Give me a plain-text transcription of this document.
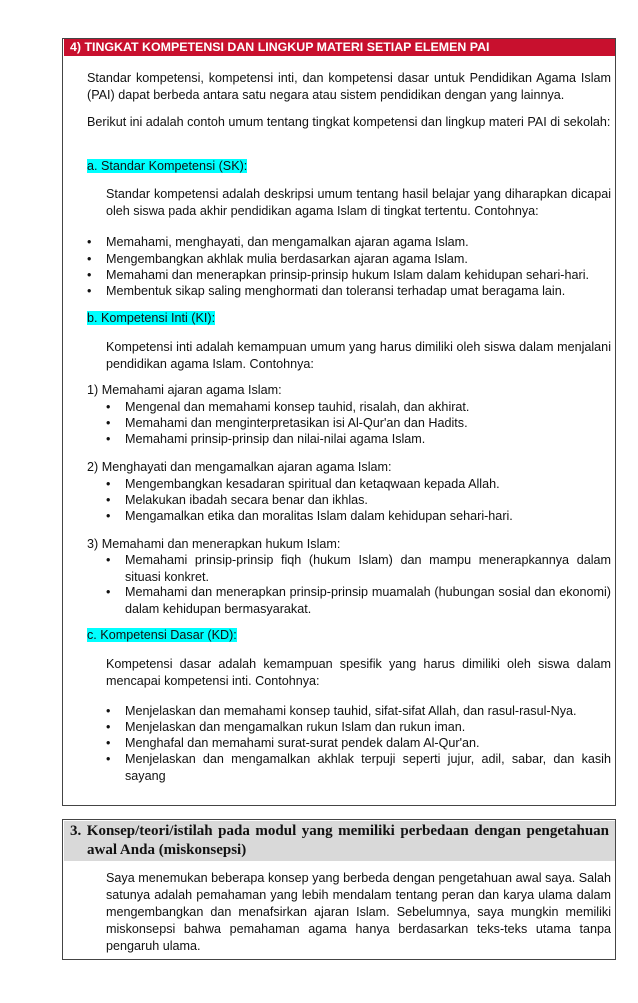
4) TINGKAT KOMPETENSI DAN LINGKUP MATERI SETIAP ELEMEN PAI
Standar kompetensi, kompetensi inti, dan kompetensi dasar untuk Pendidikan Agama Islam (PAI) dapat berbeda antara satu negara atau sistem pendidikan dengan yang lainnya.
Berikut ini adalah contoh umum tentang tingkat kompetensi dan lingkup materi PAI di sekolah:
a. Standar Kompetensi (SK):
Standar kompetensi adalah deskripsi umum tentang hasil belajar yang diharapkan dicapai oleh siswa pada akhir pendidikan agama Islam di tingkat tertentu. Contohnya:
• Memahami, menghayati, dan mengamalkan ajaran agama Islam.
• Mengembangkan akhlak mulia berdasarkan ajaran agama Islam.
• Memahami dan menerapkan prinsip-prinsip hukum Islam dalam kehidupan sehari-hari.
• Membentuk sikap saling menghormati dan toleransi terhadap umat beragama lain.
b. Kompetensi Inti (KI):
Kompetensi inti adalah kemampuan umum yang harus dimiliki oleh siswa dalam menjalani pendidikan agama Islam. Contohnya:
1) Memahami ajaran agama Islam:
• Mengenal dan memahami konsep tauhid, risalah, dan akhirat.
• Memahami dan menginterpretasikan isi Al-Qur'an dan Hadits.
• Memahami prinsip-prinsip dan nilai-nilai agama Islam.
2) Menghayati dan mengamalkan ajaran agama Islam:
• Mengembangkan kesadaran spiritual dan ketaqwaan kepada Allah.
• Melakukan ibadah secara benar dan ikhlas.
• Mengamalkan etika dan moralitas Islam dalam kehidupan sehari-hari.
3) Memahami dan menerapkan hukum Islam:
• Memahami prinsip-prinsip fiqh (hukum Islam) dan mampu menerapkannya dalam situasi konkret.
• Memahami dan menerapkan prinsip-prinsip muamalah (hubungan sosial dan ekonomi) dalam kehidupan bermasyarakat.
c. Kompetensi Dasar (KD):
Kompetensi dasar adalah kemampuan spesifik yang harus dimiliki oleh siswa dalam mencapai kompetensi inti. Contohnya:
• Menjelaskan dan memahami konsep tauhid, sifat-sifat Allah, dan rasul-rasul-Nya.
• Menjelaskan dan mengamalkan rukun Islam dan rukun iman.
• Menghafal dan memahami surat-surat pendek dalam Al-Qur'an.
• Menjelaskan dan mengamalkan akhlak terpuji seperti jujur, adil, sabar, dan kasih sayang
3. Konsep/teori/istilah pada modul yang memiliki perbedaan dengan pengetahuan awal Anda (miskonsepsi)
Saya menemukan beberapa konsep yang berbeda dengan pengetahuan awal saya. Salah satunya adalah pemahaman yang lebih mendalam tentang peran dan karya ulama dalam mengembangkan dan menafsirkan ajaran Islam. Sebelumnya, saya mungkin memiliki miskonsepsi bahwa pemahaman agama hanya berdasarkan teks-teks utama tanpa pengaruh ulama.
